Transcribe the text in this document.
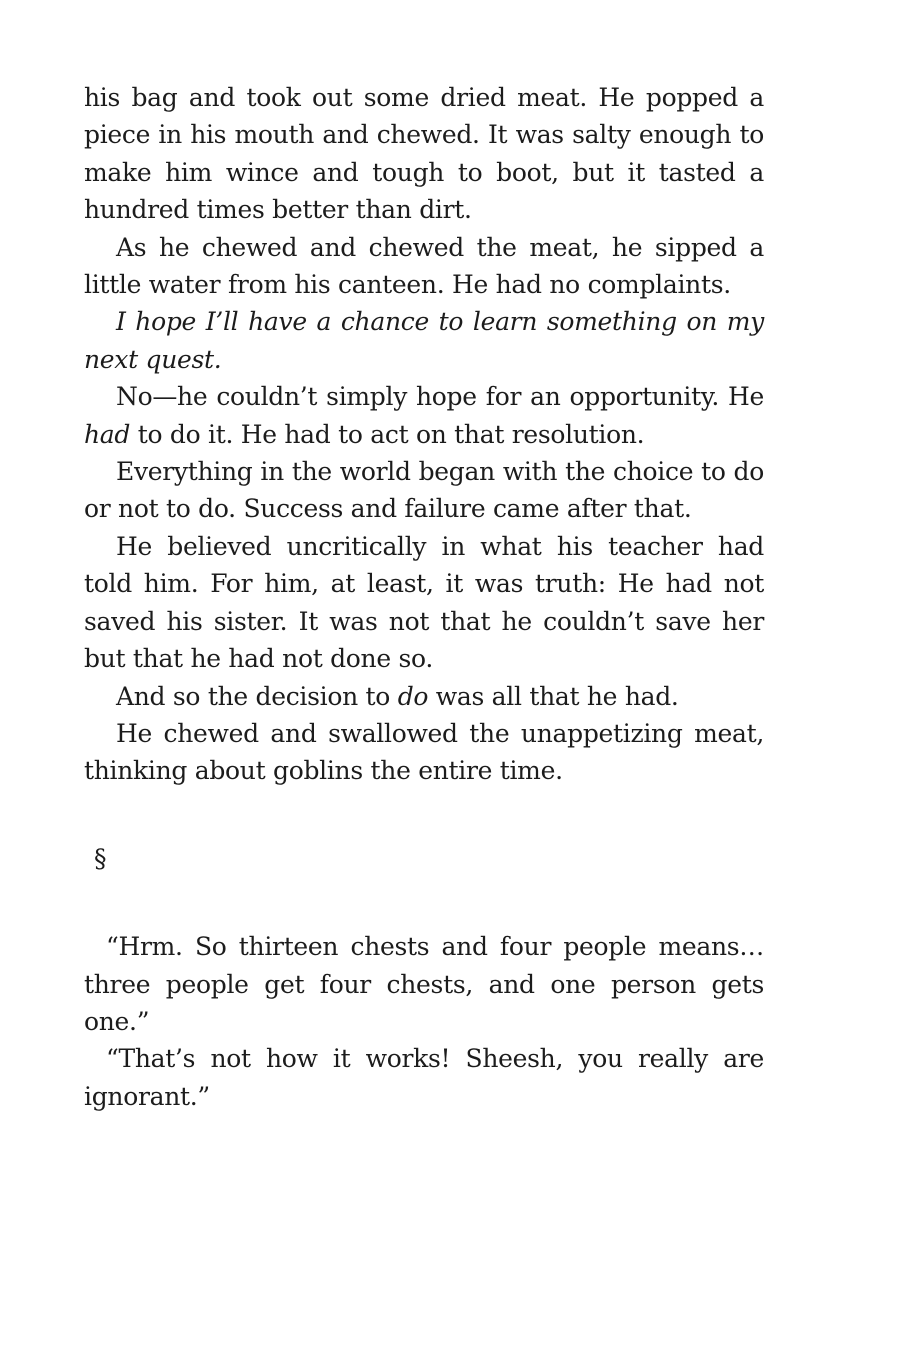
his bag and took out some dried meat. He popped a piece in his mouth and chewed. It was salty enough to make him wince and tough to boot, but it tasted a hundred times better than dirt.

As he chewed and chewed the meat, he sipped a little water from his canteen. He had no complaints.

I hope I’ll have a chance to learn something on my next quest.

No—he couldn’t simply hope for an opportunity. He had to do it. He had to act on that resolution.

Everything in the world began with the choice to do or not to do. Success and failure came after that.

He believed uncritically in what his teacher had told him. For him, at least, it was truth: He had not saved his sister. It was not that he couldn’t save her but that he had not done so.

And so the decision to do was all that he had.

He chewed and swallowed the unappetizing meat, thinking about goblins the entire time.

§

“Hrm. So thirteen chests and four people means… three people get four chests, and one person gets one.”

“That’s not how it works! Sheesh, you really are ignorant.”
